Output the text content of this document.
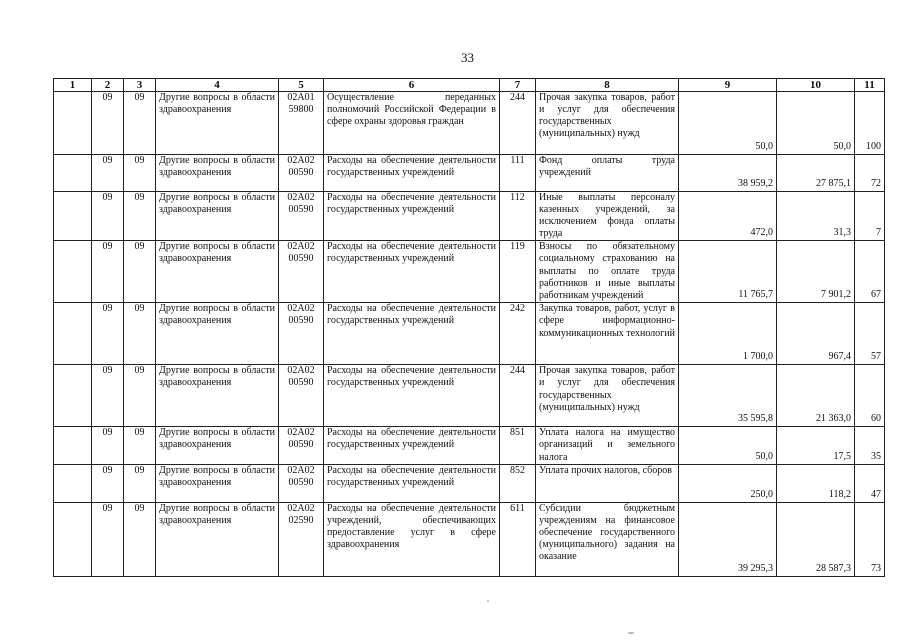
33
1	2	3	4	5	6	7	8	9	10	11
	09	09	Другие вопросы в области здравоохранения	02А01 59800	Осуществление переданных полномочий Российской Федерации в сфере охраны здоровья граждан	244	Прочая закупка товаров, работ и услуг для обеспечения государственных (муниципальных) нужд	50,0	50,0	100
	09	09	Другие вопросы в области здравоохранения	02А02 00590	Расходы на обеспечение деятельности государственных учреждений	111	Фонд оплаты труда учреждений	38 959,2	27 875,1	72
	09	09	Другие вопросы в области здравоохранения	02А02 00590	Расходы на обеспечение деятельности государственных учреждений	112	Иные выплаты персоналу казенных учреждений, за исключением фонда оплаты труда	472,0	31,3	7
	09	09	Другие вопросы в области здравоохранения	02А02 00590	Расходы на обеспечение деятельности государственных учреждений	119	Взносы по обязательному социальному страхованию на выплаты по оплате труда работников и иные выплаты работникам учреждений	11 765,7	7 901,2	67
	09	09	Другие вопросы в области здравоохранения	02А02 00590	Расходы на обеспечение деятельности государственных учреждений	242	Закупка товаров, работ, услуг в сфере информационно-коммуникационных технологий	1 700,0	967,4	57
	09	09	Другие вопросы в области здравоохранения	02А02 00590	Расходы на обеспечение деятельности государственных учреждений	244	Прочая закупка товаров, работ и услуг для обеспечения государственных (муниципальных) нужд	35 595,8	21 363,0	60
	09	09	Другие вопросы в области здравоохранения	02А02 00590	Расходы на обеспечение деятельности государственных учреждений	851	Уплата налога на имущество организаций и земельного налога	50,0	17,5	35
	09	09	Другие вопросы в области здравоохранения	02А02 00590	Расходы на обеспечение деятельности государственных учреждений	852	Уплата прочих налогов, сборов	250,0	118,2	47
	09	09	Другие вопросы в области здравоохранения	02А02 02590	Расходы на обеспечение деятельности учреждений, обеспечивающих предоставление услуг в сфере здравоохранения	611	Субсидии бюджетным учреждениям на финансовое обеспечение государственного (муниципального) задания на оказание	39 295,3	28 587,3	73
